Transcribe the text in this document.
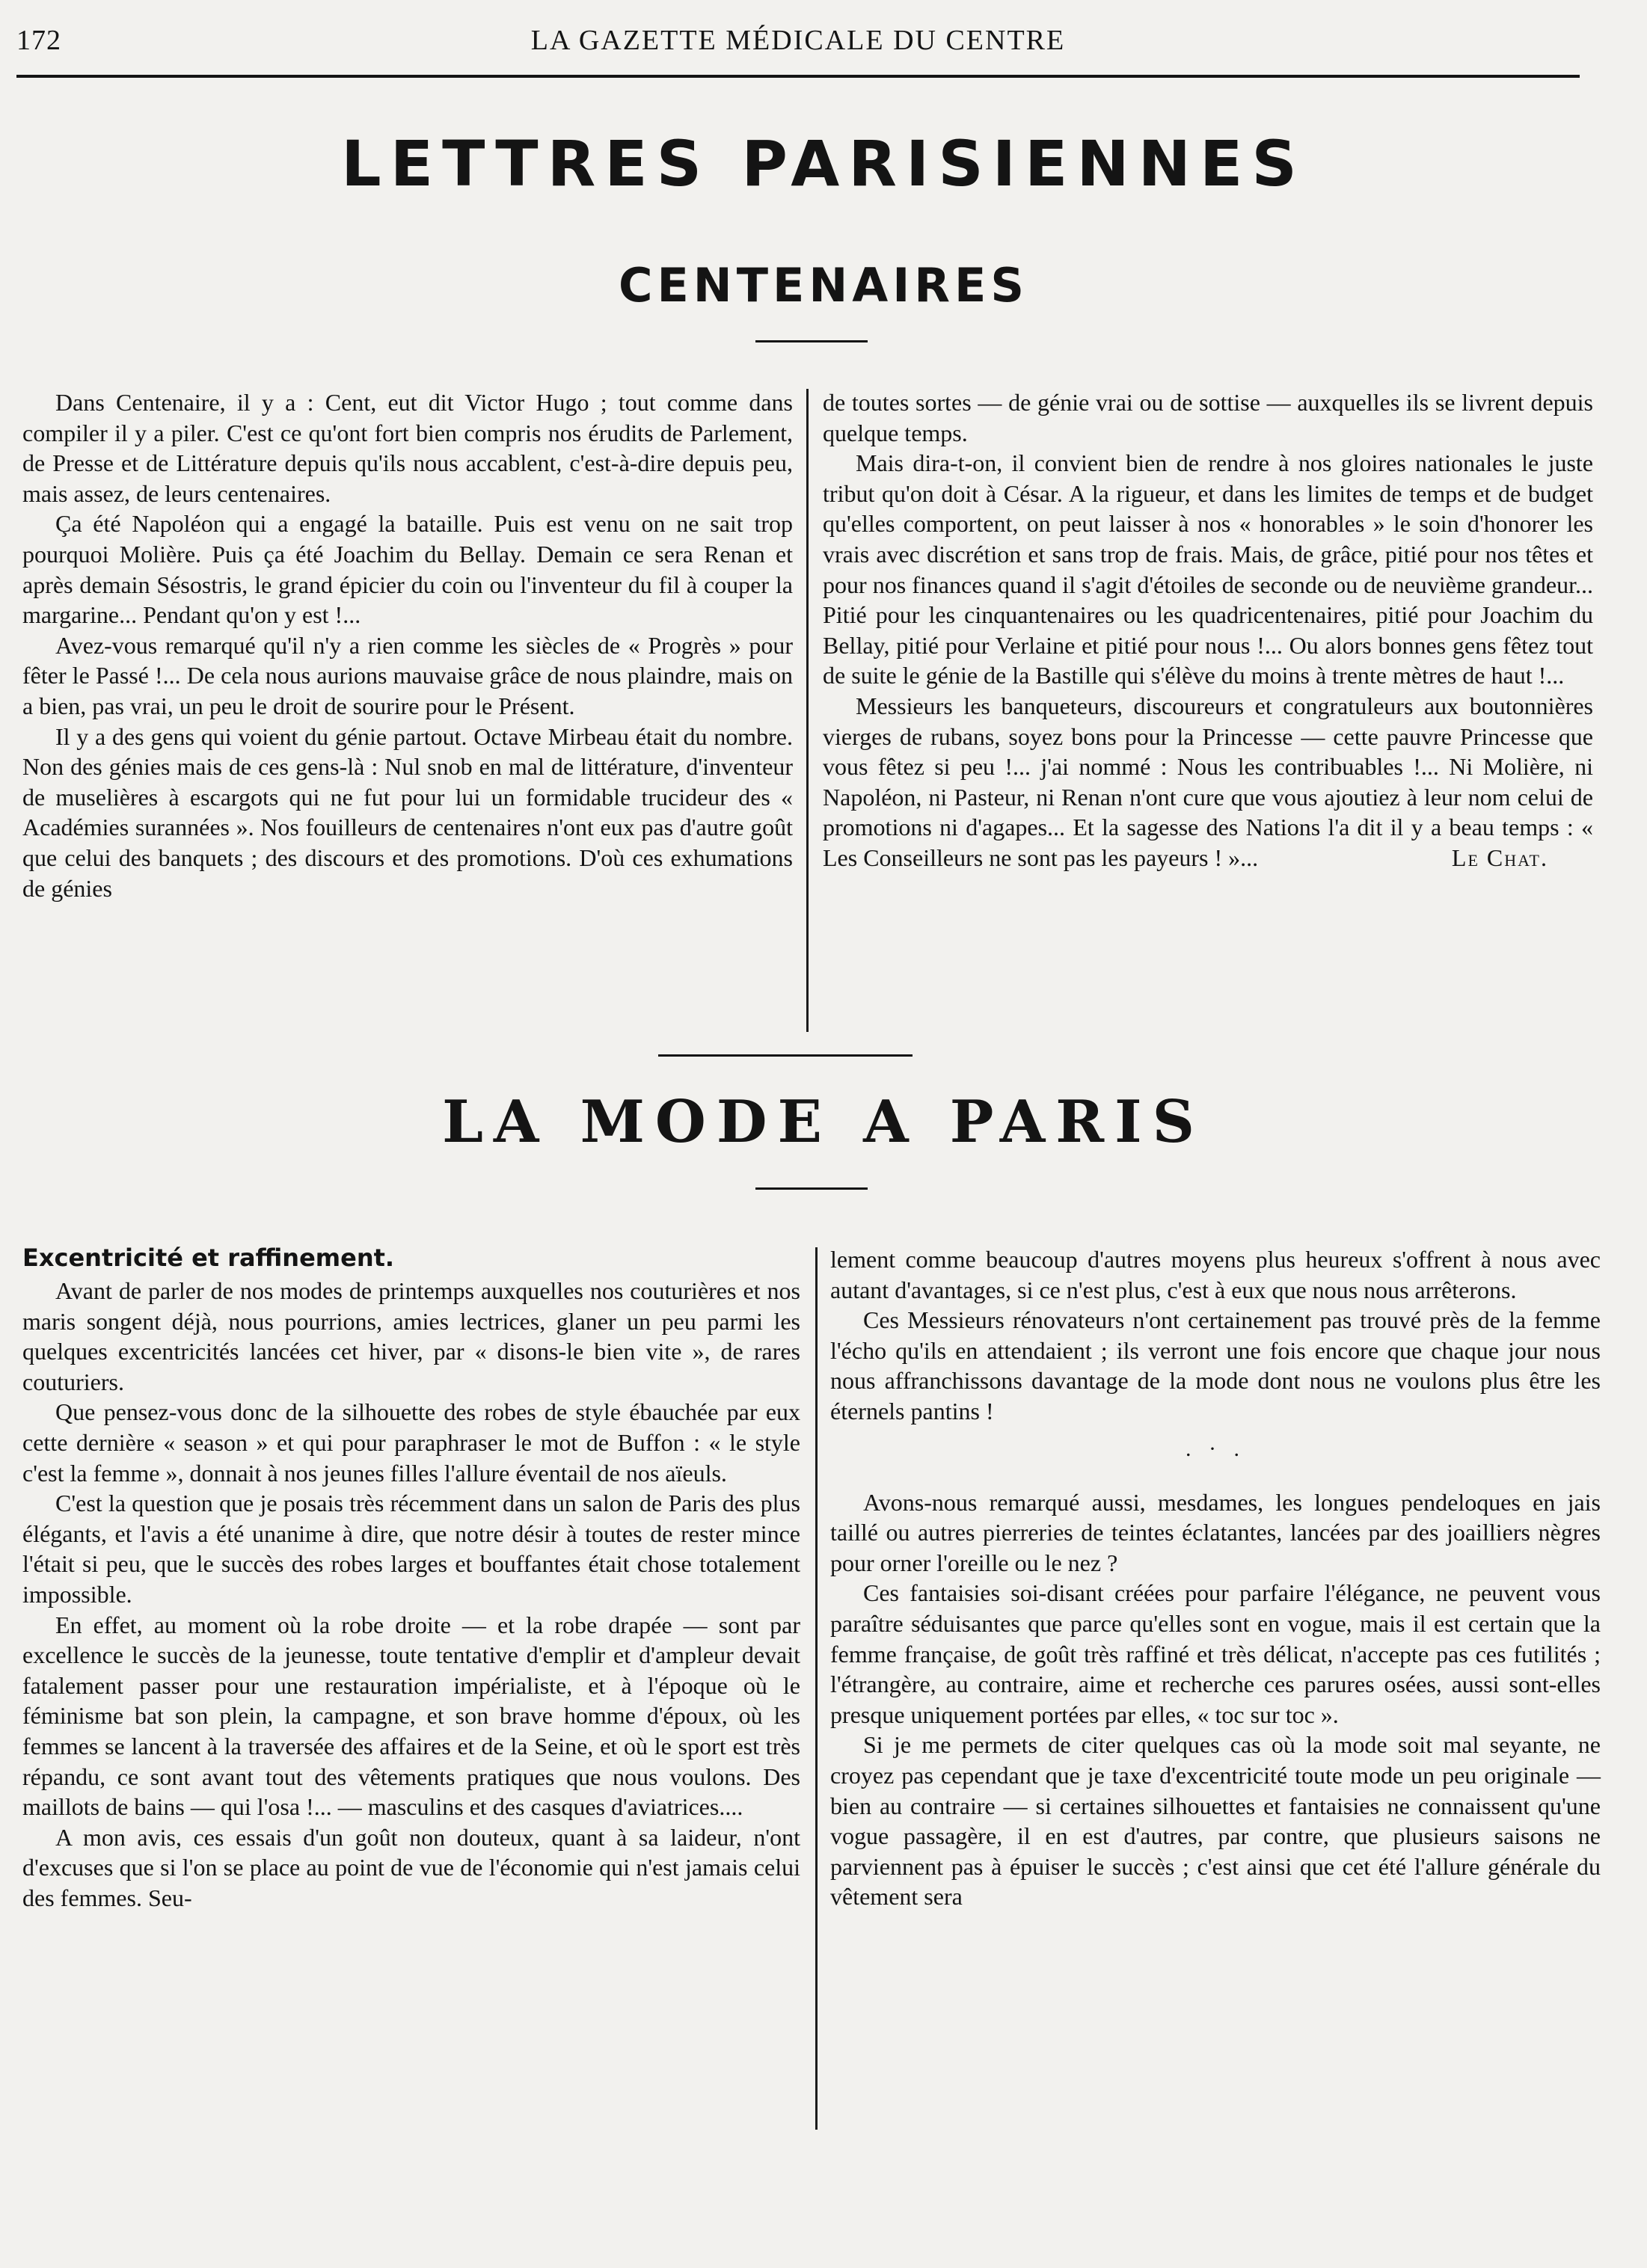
172	LA GAZETTE MÉDICALE DU CENTRE
LETTRES PARISIENNES
CENTENAIRES

Dans Centenaire, il y a : Cent, eut dit Victor Hugo ; tout comme dans compiler il y a piler. C'est ce qu'ont fort bien compris nos érudits de Parlement, de Presse et de Littérature depuis qu'ils nous accablent, c'est-à-dire depuis peu, mais assez, de leurs centenaires.

Ça été Napoléon qui a engagé la bataille. Puis est venu on ne sait trop pourquoi Molière. Puis ça été Joachim du Bellay. Demain ce sera Renan et après demain Sésostris, le grand épicier du coin ou l'inventeur du fil à couper la margarine... Pendant qu'on y est !...

Avez-vous remarqué qu'il n'y a rien comme les siècles de « Progrès » pour fêter le Passé !... De cela nous aurions mauvaise grâce de nous plaindre, mais on a bien, pas vrai, un peu le droit de sourire pour le Présent.

Il y a des gens qui voient du génie partout. Octave Mirbeau était du nombre. Non des génies mais de ces gens-là : Nul snob en mal de littérature, d'inventeur de muselières à escargots qui ne fut pour lui un formidable trucideur des « Académies surannées ». Nos fouilleurs de centenaires n'ont eux pas d'autre goût que celui des banquets ; des discours et des promotions. D'où ces exhumations de génies

de toutes sortes — de génie vrai ou de sottise — auxquelles ils se livrent depuis quelque temps.

Mais dira-t-on, il convient bien de rendre à nos gloires nationales le juste tribut qu'on doit à César. A la rigueur, et dans les limites de temps et de budget qu'elles comportent, on peut laisser à nos « honorables » le soin d'honorer les vrais avec discrétion et sans trop de frais. Mais, de grâce, pitié pour nos têtes et pour nos finances quand il s'agit d'étoiles de seconde ou de neuvième grandeur... Pitié pour les cinquantenaires ou les quadricentenaires, pitié pour Joachim du Bellay, pitié pour Verlaine et pitié pour nous !... Ou alors bonnes gens fêtez tout de suite le génie de la Bastille qui s'élève du moins à trente mètres de haut !...

Messieurs les banqueteurs, discoureurs et congratuleurs aux boutonnières vierges de rubans, soyez bons pour la Princesse — cette pauvre Princesse que vous fêtez si peu !... j'ai nommé : Nous les contribuables !... Ni Molière, ni Napoléon, ni Pasteur, ni Renan n'ont cure que vous ajoutiez à leur nom celui de promotions ni d'agapes... Et la sagesse des Nations l'a dit il y a beau temps : « Les Conseilleurs ne sont pas les payeurs ! »...	Le Chat.
LA MODE A PARIS
Excentricité et raffinement.

Avant de parler de nos modes de printemps auxquelles nos couturières et nos maris songent déjà, nous pourrions, amies lectrices, glaner un peu parmi les quelques excentricités lancées cet hiver, par « disons-le bien vite », de rares couturiers.

Que pensez-vous donc de la silhouette des robes de style ébauchée par eux cette dernière « season » et qui pour paraphraser le mot de Buffon : « le style c'est la femme », donnait à nos jeunes filles l'allure éventail de nos aïeuls.

C'est la question que je posais très récemment dans un salon de Paris des plus élégants, et l'avis a été unanime à dire, que notre désir à toutes de rester mince l'était si peu, que le succès des robes larges et bouffantes était chose totalement impossible.

En effet, au moment où la robe droite — et la robe drapée — sont par excellence le succès de la jeunesse, toute tentative d'emplir et d'ampleur devait fatalement passer pour une restauration impérialiste, et à l'époque où le féminisme bat son plein, la campagne, et son brave homme d'époux, où les femmes se lancent à la traversée des affaires et de la Seine, et où le sport est très répandu, ce sont avant tout des vêtements pratiques que nous voulons. Des maillots de bains — qui l'osa !... — masculins et des casques d'aviatrices....

A mon avis, ces essais d'un goût non douteux, quant à sa laideur, n'ont d'excuses que si l'on se place au point de vue de l'économie qui n'est jamais celui des femmes. Seu-

lement comme beaucoup d'autres moyens plus heureux s'offrent à nous avec autant d'avantages, si ce n'est plus, c'est à eux que nous nous arrêterons.

Ces Messieurs rénovateurs n'ont certainement pas trouvé près de la femme l'écho qu'ils en attendaient ; ils verront une fois encore que chaque jour nous nous affranchissons davantage de la mode dont nous ne voulons plus être les éternels pantins !

. · .

Avons-nous remarqué aussi, mesdames, les longues pendeloques en jais taillé ou autres pierreries de teintes éclatantes, lancées par des joailliers nègres pour orner l'oreille ou le nez ?

Ces fantaisies soi-disant créées pour parfaire l'élégance, ne peuvent vous paraître séduisantes que parce qu'elles sont en vogue, mais il est certain que la femme française, de goût très raffiné et très délicat, n'accepte pas ces futilités ; l'étrangère, au contraire, aime et recherche ces parures osées, aussi sont-elles presque uniquement portées par elles, « toc sur toc ».

Si je me permets de citer quelques cas où la mode soit mal seyante, ne croyez pas cependant que je taxe d'excentricité toute mode un peu originale — bien au contraire — si certaines silhouettes et fantaisies ne connaissent qu'une vogue passagère, il en est d'autres, par contre, que plusieurs saisons ne parviennent pas à épuiser le succès ; c'est ainsi que cet été l'allure générale du vêtement sera
